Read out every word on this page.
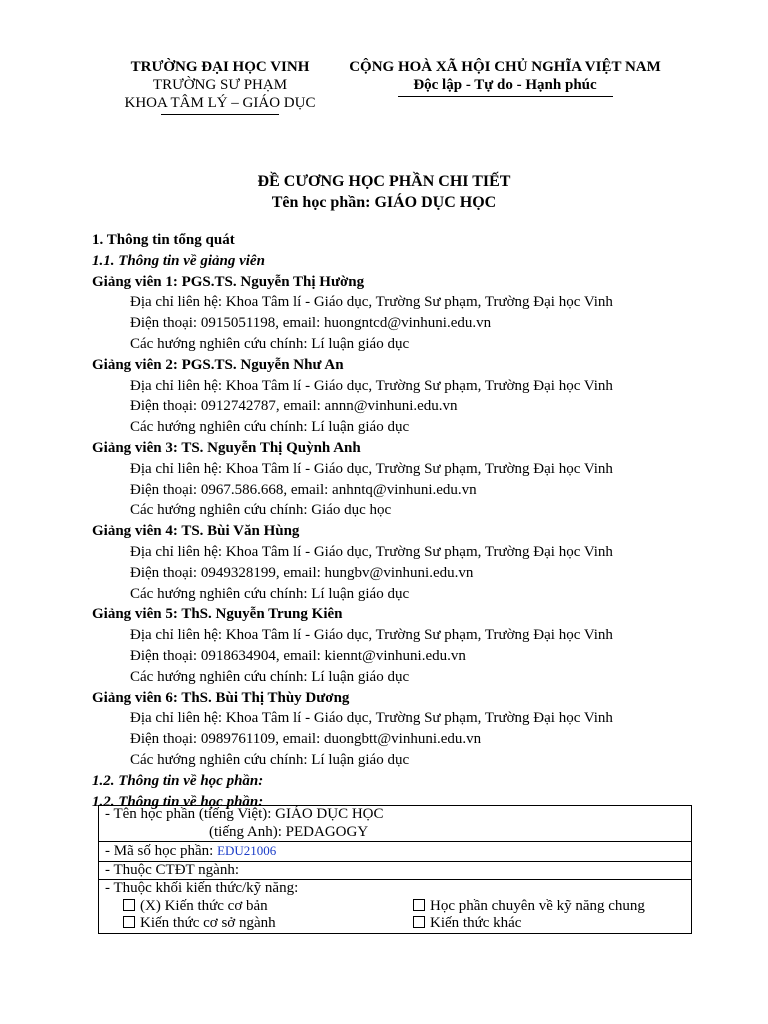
TRƯỜNG ĐẠI HỌC VINH
TRƯỜNG SƯ PHẠM
KHOA TÂM LÝ – GIÁO DỤC
CỘNG HOÀ XÃ HỘI CHỦ NGHĨA VIỆT NAM
Độc lập - Tự do - Hạnh phúc
ĐỀ CƯƠNG HỌC PHẦN CHI TIẾT
Tên học phần: GIÁO DỤC HỌC
1. Thông tin tổng quát
1.1. Thông tin về giảng viên
Giảng viên 1: PGS.TS. Nguyễn Thị Hường
Địa chỉ liên hệ: Khoa Tâm lí - Giáo dục, Trường Sư phạm, Trường Đại học Vinh
Điện thoại: 0915051198, email: huongntcd@vinhuni.edu.vn
Các hướng nghiên cứu chính: Lí luận giáo dục
Giảng viên 2: PGS.TS. Nguyễn Như An
Địa chỉ liên hệ: Khoa Tâm lí - Giáo dục, Trường Sư phạm, Trường Đại học Vinh
Điện thoại: 0912742787, email: annn@vinhuni.edu.vn
Các hướng nghiên cứu chính: Lí luận giáo dục
Giảng viên 3: TS. Nguyễn Thị Quỳnh Anh
Địa chỉ liên hệ: Khoa Tâm lí - Giáo dục, Trường Sư phạm, Trường Đại học Vinh
Điện thoại: 0967.586.668, email: anhntq@vinhuni.edu.vn
Các hướng nghiên cứu chính: Giáo dục học
Giảng viên 4: TS. Bùi Văn Hùng
Địa chỉ liên hệ: Khoa Tâm lí - Giáo dục, Trường Sư phạm, Trường Đại học Vinh
Điện thoại: 0949328199, email: hungbv@vinhuni.edu.vn
Các hướng nghiên cứu chính: Lí luận giáo dục
Giảng viên 5: ThS. Nguyễn Trung Kiên
Địa chỉ liên hệ: Khoa Tâm lí - Giáo dục, Trường Sư phạm, Trường Đại học Vinh
Điện thoại: 0918634904, email: kiennt@vinhuni.edu.vn
Các hướng nghiên cứu chính: Lí luận giáo dục
Giảng viên 6: ThS. Bùi Thị Thùy Dương
Địa chỉ liên hệ: Khoa Tâm lí - Giáo dục, Trường Sư phạm, Trường Đại học Vinh
Điện thoại: 0989761109, email: duongbtt@vinhuni.edu.vn
Các hướng nghiên cứu chính: Lí luận giáo dục
1.2. Thông tin về học phần:
1.2. Thông tin về học phần:
- Tên học phần (tiếng Việt): GIÁO DỤC HỌC
(tiếng Anh): PEDAGOGY

- Mã số học phần: EDU21006
- Thuộc CTĐT ngành:

- Thuộc khối kiến thức/kỹ năng:
(X) Kiến thức cơ bản	Học phần chuyên về kỹ năng chung
Kiến thức cơ sở ngành	Kiến thức khác
